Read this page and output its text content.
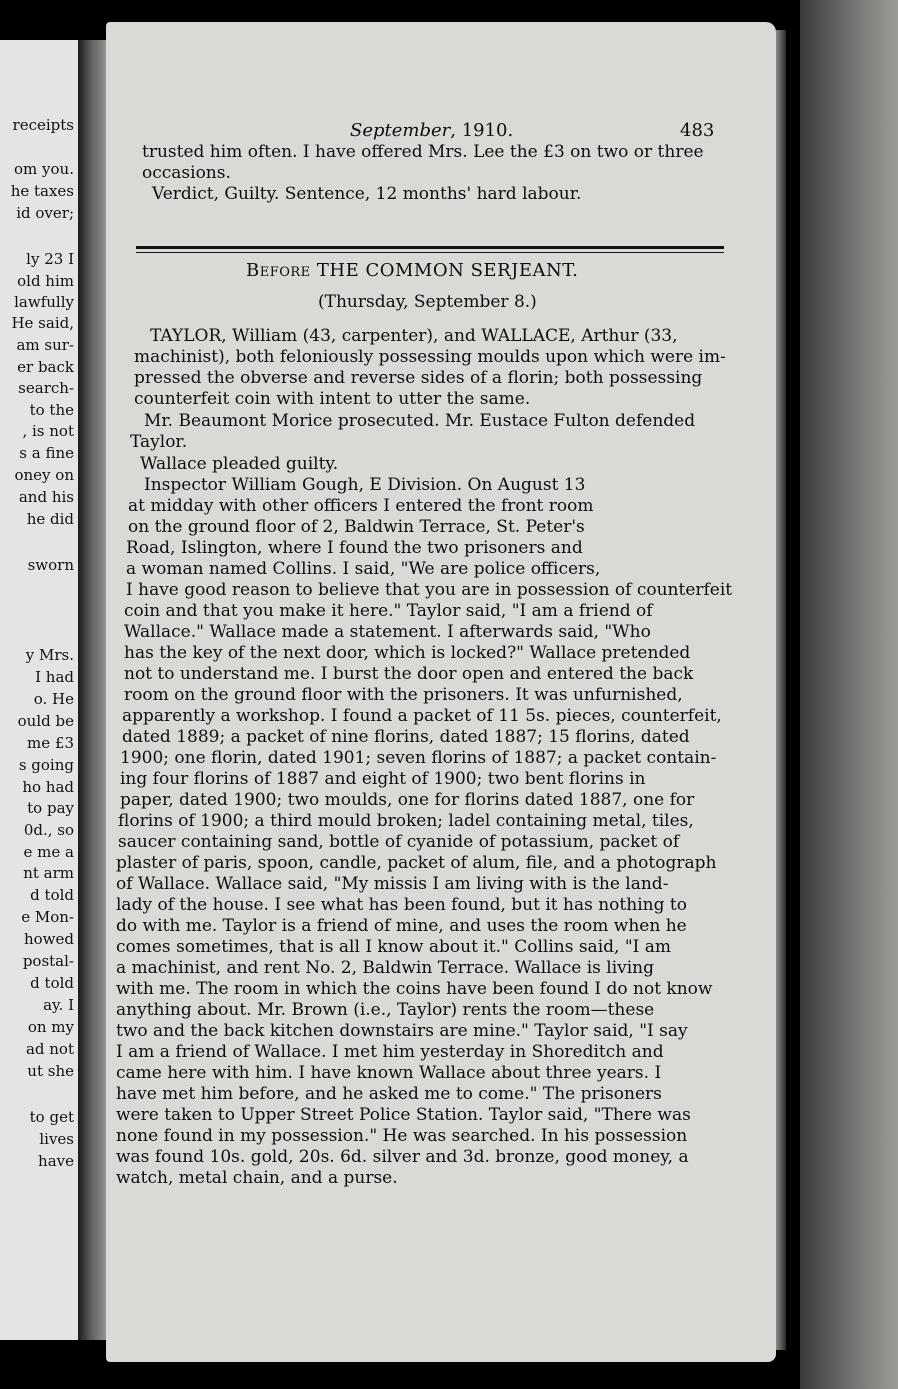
receipts
om you.
he taxes
id over;
ly 23 I
old him
lawfully
He said,
am sur-
er back
search-
to the
, is not
s a fine
oney on
and his
he did
sworn
y Mrs.
I had
o. He
ould be
me £3
s going
ho had
to pay
0d., so
e me a
nt arm
d told
e Mon-
howed
postal-
d told
ay. I
on my
ad not
ut she
to get
lives
have
September, 1910.	483
trusted him often. I have offered Mrs. Lee the £3 on two or three
occasions.
Verdict, Guilty. Sentence, 12 months' hard labour.
Before THE COMMON SERJEANT.
(Thursday, September 8.)
TAYLOR, William (43, carpenter), and WALLACE, Arthur (33,
machinist), both feloniously possessing moulds upon which were im-
pressed the obverse and reverse sides of a florin; both possessing
counterfeit coin with intent to utter the same.
Mr. Beaumont Morice prosecuted. Mr. Eustace Fulton defended
Taylor.
Wallace pleaded guilty.
Inspector William Gough, E Division. On August 13
at midday with other officers I entered the front room
on the ground floor of 2, Baldwin Terrace, St. Peter's
Road, Islington, where I found the two prisoners and
a woman named Collins. I said, "We are police officers,
I have good reason to believe that you are in possession of counterfeit
coin and that you make it here." Taylor said, "I am a friend of
Wallace." Wallace made a statement. I afterwards said, "Who
has the key of the next door, which is locked?" Wallace pretended
not to understand me. I burst the door open and entered the back
room on the ground floor with the prisoners. It was unfurnished,
apparently a workshop. I found a packet of 11 5s. pieces, counterfeit,
dated 1889; a packet of nine florins, dated 1887; 15 florins, dated
1900; one florin, dated 1901; seven florins of 1887; a packet contain-
ing four florins of 1887 and eight of 1900; two bent florins in
paper, dated 1900; two moulds, one for florins dated 1887, one for
florins of 1900; a third mould broken; ladel containing metal, tiles,
saucer containing sand, bottle of cyanide of potassium, packet of
plaster of paris, spoon, candle, packet of alum, file, and a photograph
of Wallace. Wallace said, "My missis I am living with is the land-
lady of the house. I see what has been found, but it has nothing to
do with me. Taylor is a friend of mine, and uses the room when he
comes sometimes, that is all I know about it." Collins said, "I am
a machinist, and rent No. 2, Baldwin Terrace. Wallace is living
with me. The room in which the coins have been found I do not know
anything about. Mr. Brown (i.e., Taylor) rents the room—these
two and the back kitchen downstairs are mine." Taylor said, "I say
I am a friend of Wallace. I met him yesterday in Shoreditch and
came here with him. I have known Wallace about three years. I
have met him before, and he asked me to come." The prisoners
were taken to Upper Street Police Station. Taylor said, "There was
none found in my possession." He was searched. In his possession
was found 10s. gold, 20s. 6d. silver and 3d. bronze, good money, a
watch, metal chain, and a purse.
